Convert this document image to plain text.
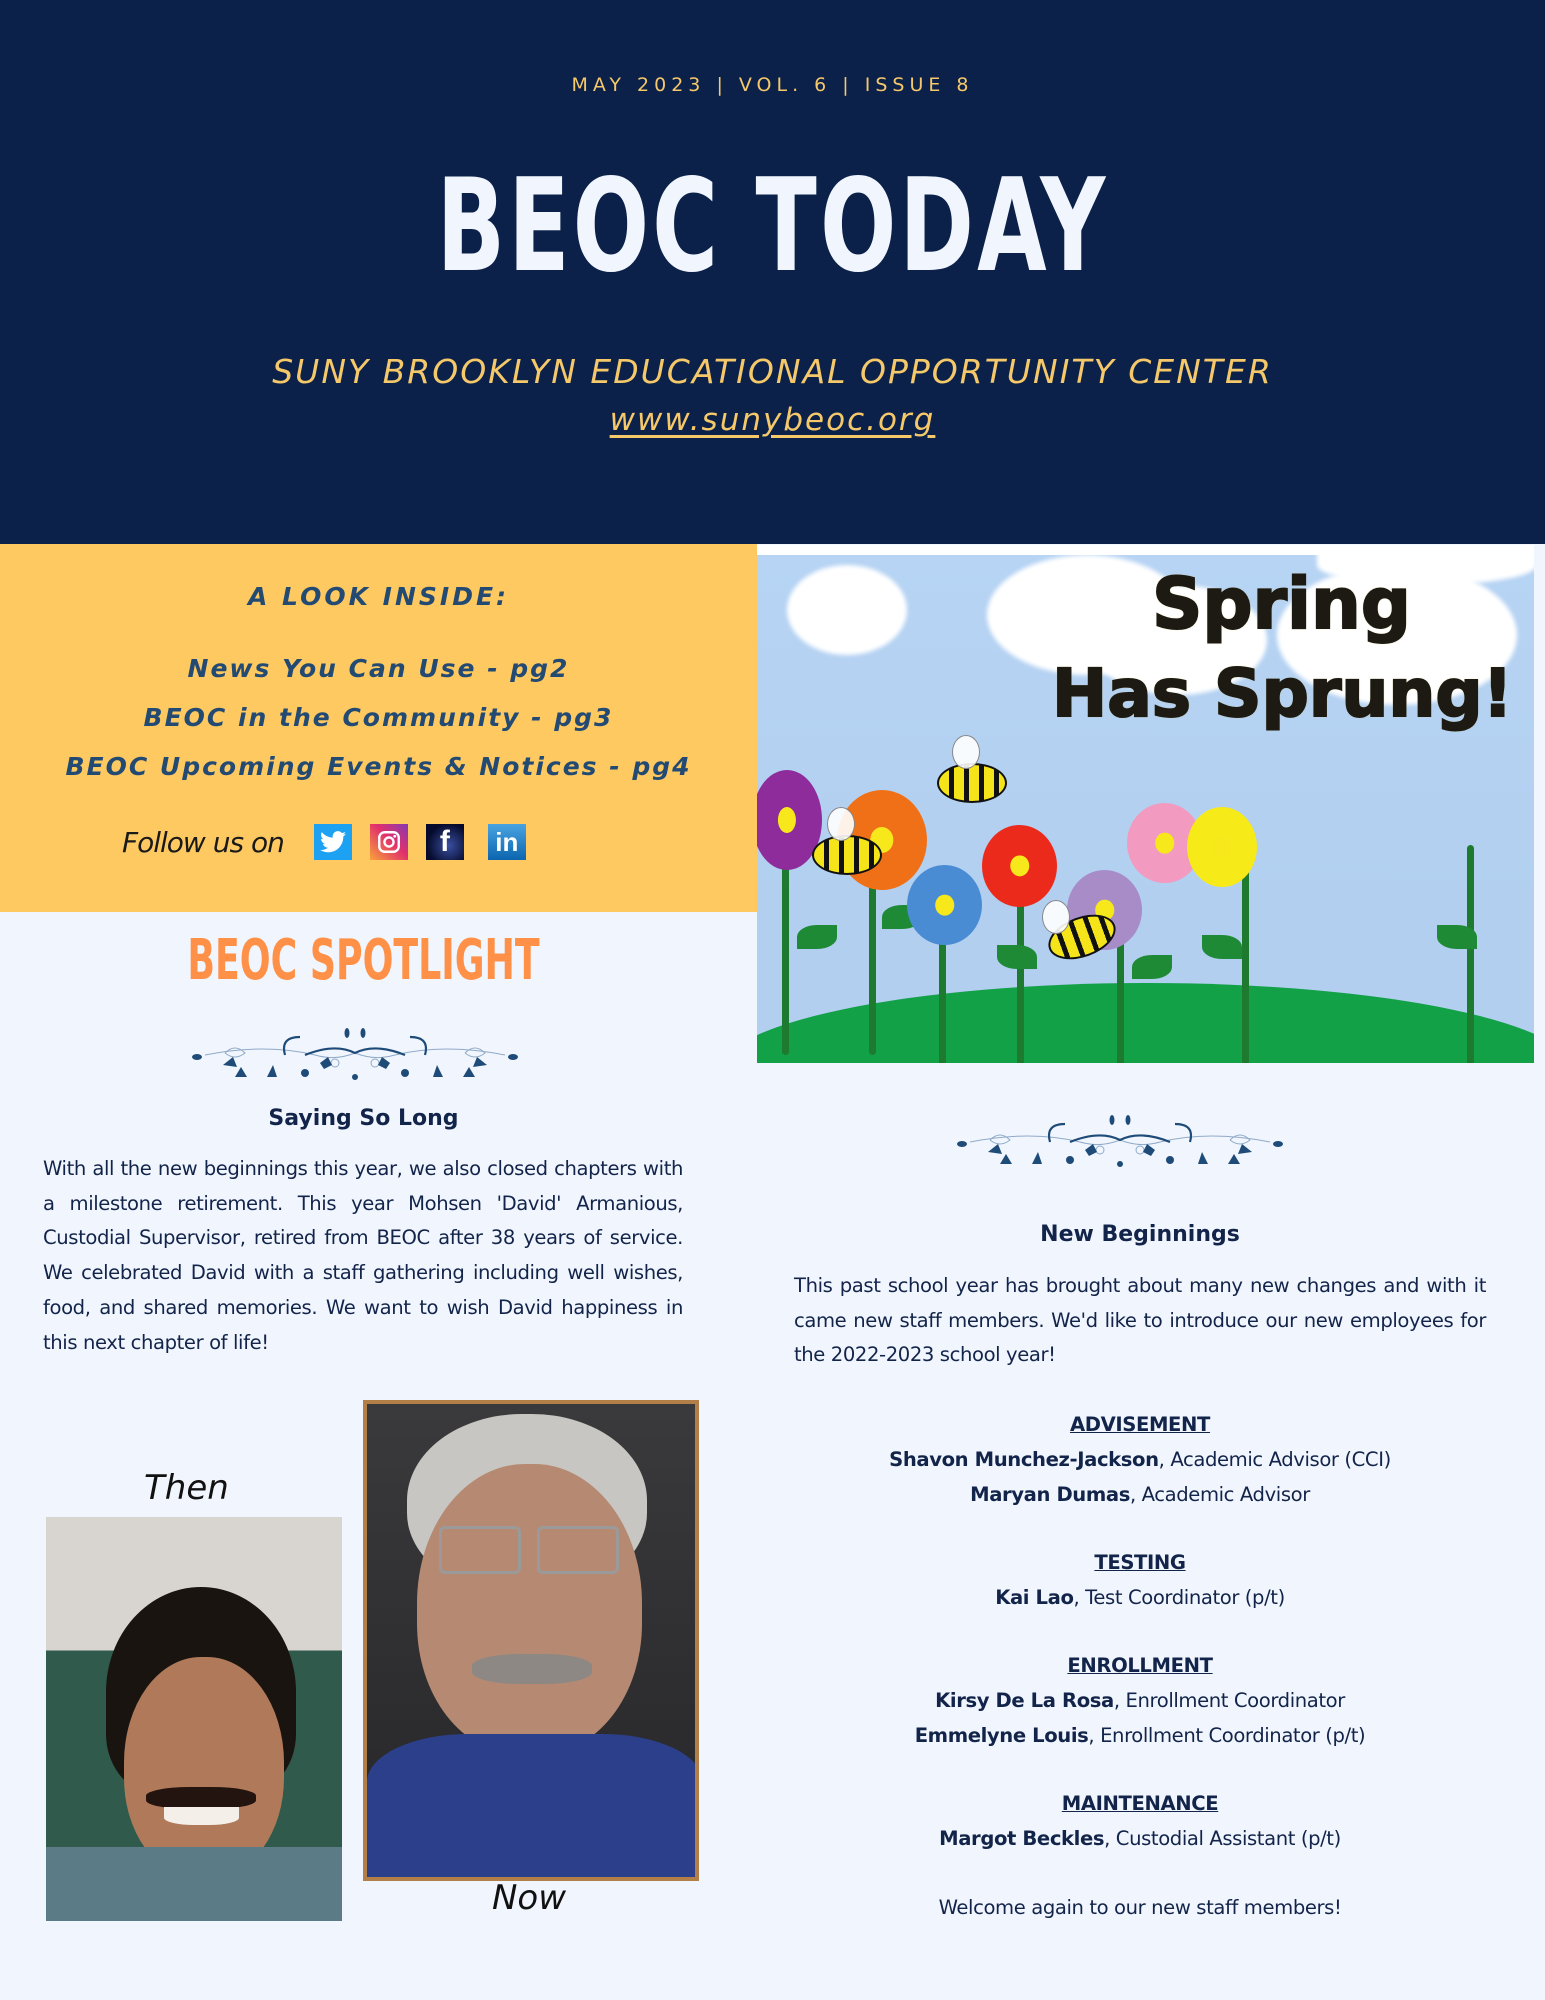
MAY 2023 | VOL. 6 | ISSUE 8
BEOC TODAY
SUNY BROOKLYN EDUCATIONAL OPPORTUNITY CENTER
www.sunybeoc.org
A LOOK INSIDE:
News You Can Use - pg2
BEOC in the Community - pg3
BEOC Upcoming Events & Notices - pg4
Follow us on	f	in
Spring
Has Sprung!
BEOC SPOTLIGHT
Saying So Long

With all the new beginnings this year, we also closed chapters with a milestone retirement. This year Mohsen 'David' Armanious, Custodial Supervisor, retired from BEOC after 38 years of service. We celebrated David with a staff gathering including well wishes, food, and shared memories. We want to wish David happiness in this next chapter of life!

Then
Now
New Beginnings

This past school year has brought about many new changes and with it came new staff members. We'd like to introduce our new employees for the 2022-2023 school year!

ADVISEMENT
Shavon Munchez-Jackson, Academic Advisor (CCI)
Maryan Dumas, Academic Advisor
TESTING
Kai Lao, Test Coordinator (p/t)
ENROLLMENT
Kirsy De La Rosa, Enrollment Coordinator
Emmelyne Louis, Enrollment Coordinator (p/t)
MAINTENANCE
Margot Beckles, Custodial Assistant (p/t)
Welcome again to our new staff members!
